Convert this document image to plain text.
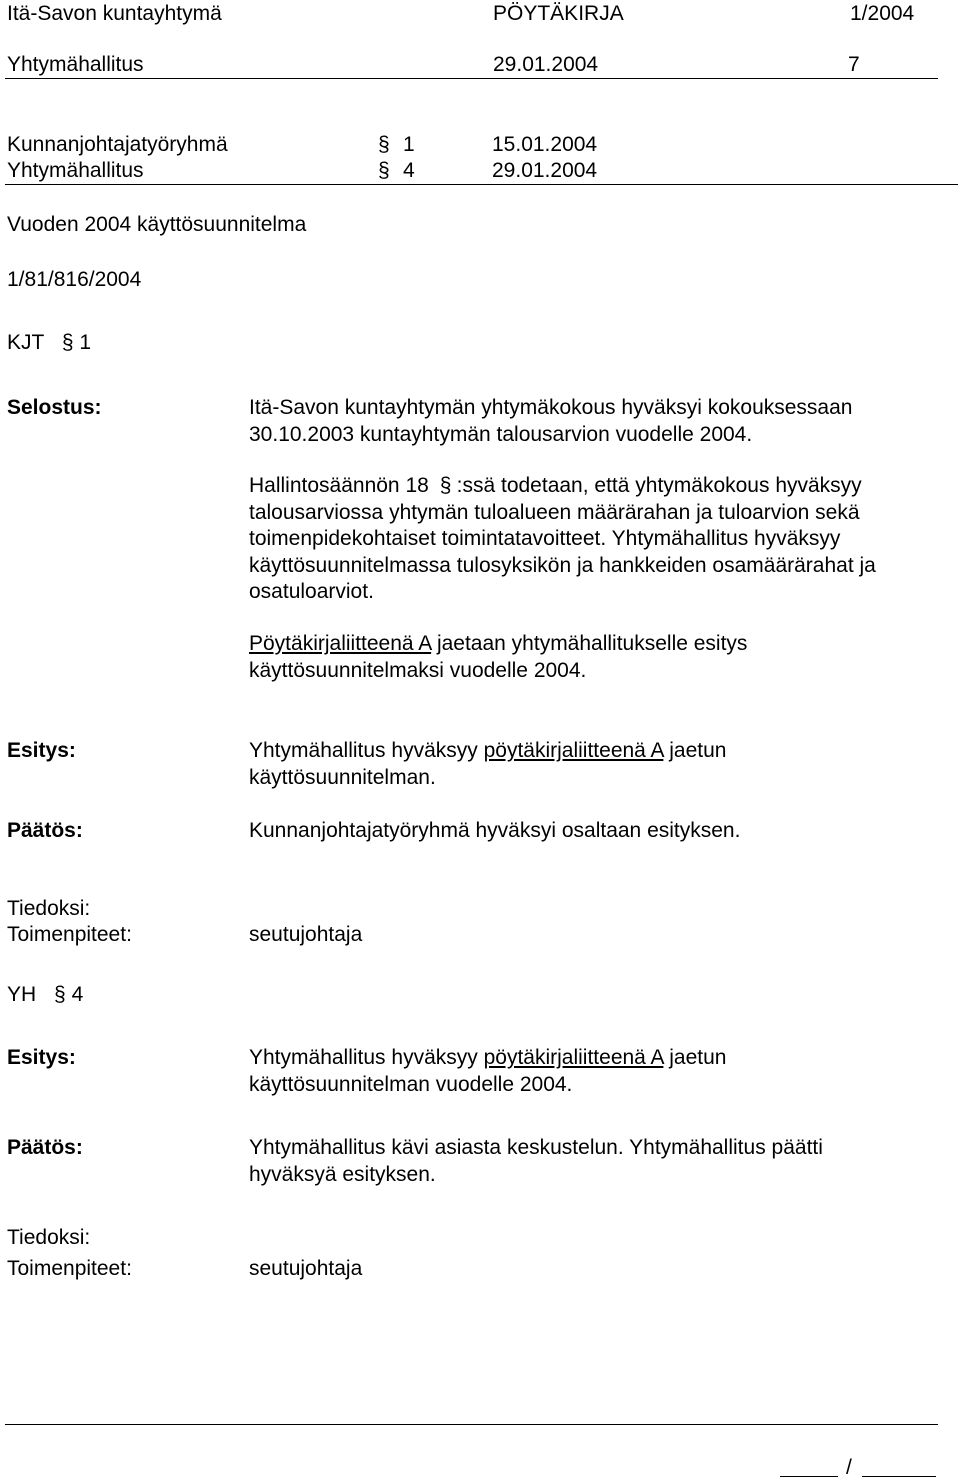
Itä-Savon kuntayhtymä	PÖYTÄKIRJA	1/2004
Yhtymähallitus	29.01.2004	7
Kunnanjohtajatyöryhmä	§ 1	15.01.2004
Yhtymähallitus	§ 4	29.01.2004
Vuoden 2004 käyttösuunnitelma
1/81/816/2004
KJT § 1
Selostus:	Itä-Savon kuntayhtymän yhtymäkokous hyväksyi kokouksessaan
30.10.2003 kuntayhtymän talousarvion vuodelle 2004.
Hallintosäännön 18 § :ssä todetaan, että yhtymäkokous hyväksyy
talousarviossa yhtymän tuloalueen määrärahan ja tuloarvion sekä
toimenpidekohtaiset toimintatavoitteet. Yhtymähallitus hyväksyy
käyttösuunnitelmassa tulosyksikön ja hankkeiden osamäärärahat ja
osatuloarviot.
Pöytäkirjaliitteenä A jaetaan yhtymähallitukselle esitys
käyttösuunnitelmaksi vuodelle 2004.
Esitys:	Yhtymähallitus hyväksyy pöytäkirjaliitteenä A jaetun
käyttösuunnitelman.
Päätös:	Kunnanjohtajatyöryhmä hyväksyi osaltaan esityksen.
Tiedoksi:
Toimenpiteet:	seutujohtaja
YH § 4
Esitys:	Yhtymähallitus hyväksyy pöytäkirjaliitteenä A jaetun
käyttösuunnitelman vuodelle 2004.
Päätös:	Yhtymähallitus kävi asiasta keskustelun. Yhtymähallitus päätti
hyväksyä esityksen.
Tiedoksi:
Toimenpiteet:	seutujohtaja
/
